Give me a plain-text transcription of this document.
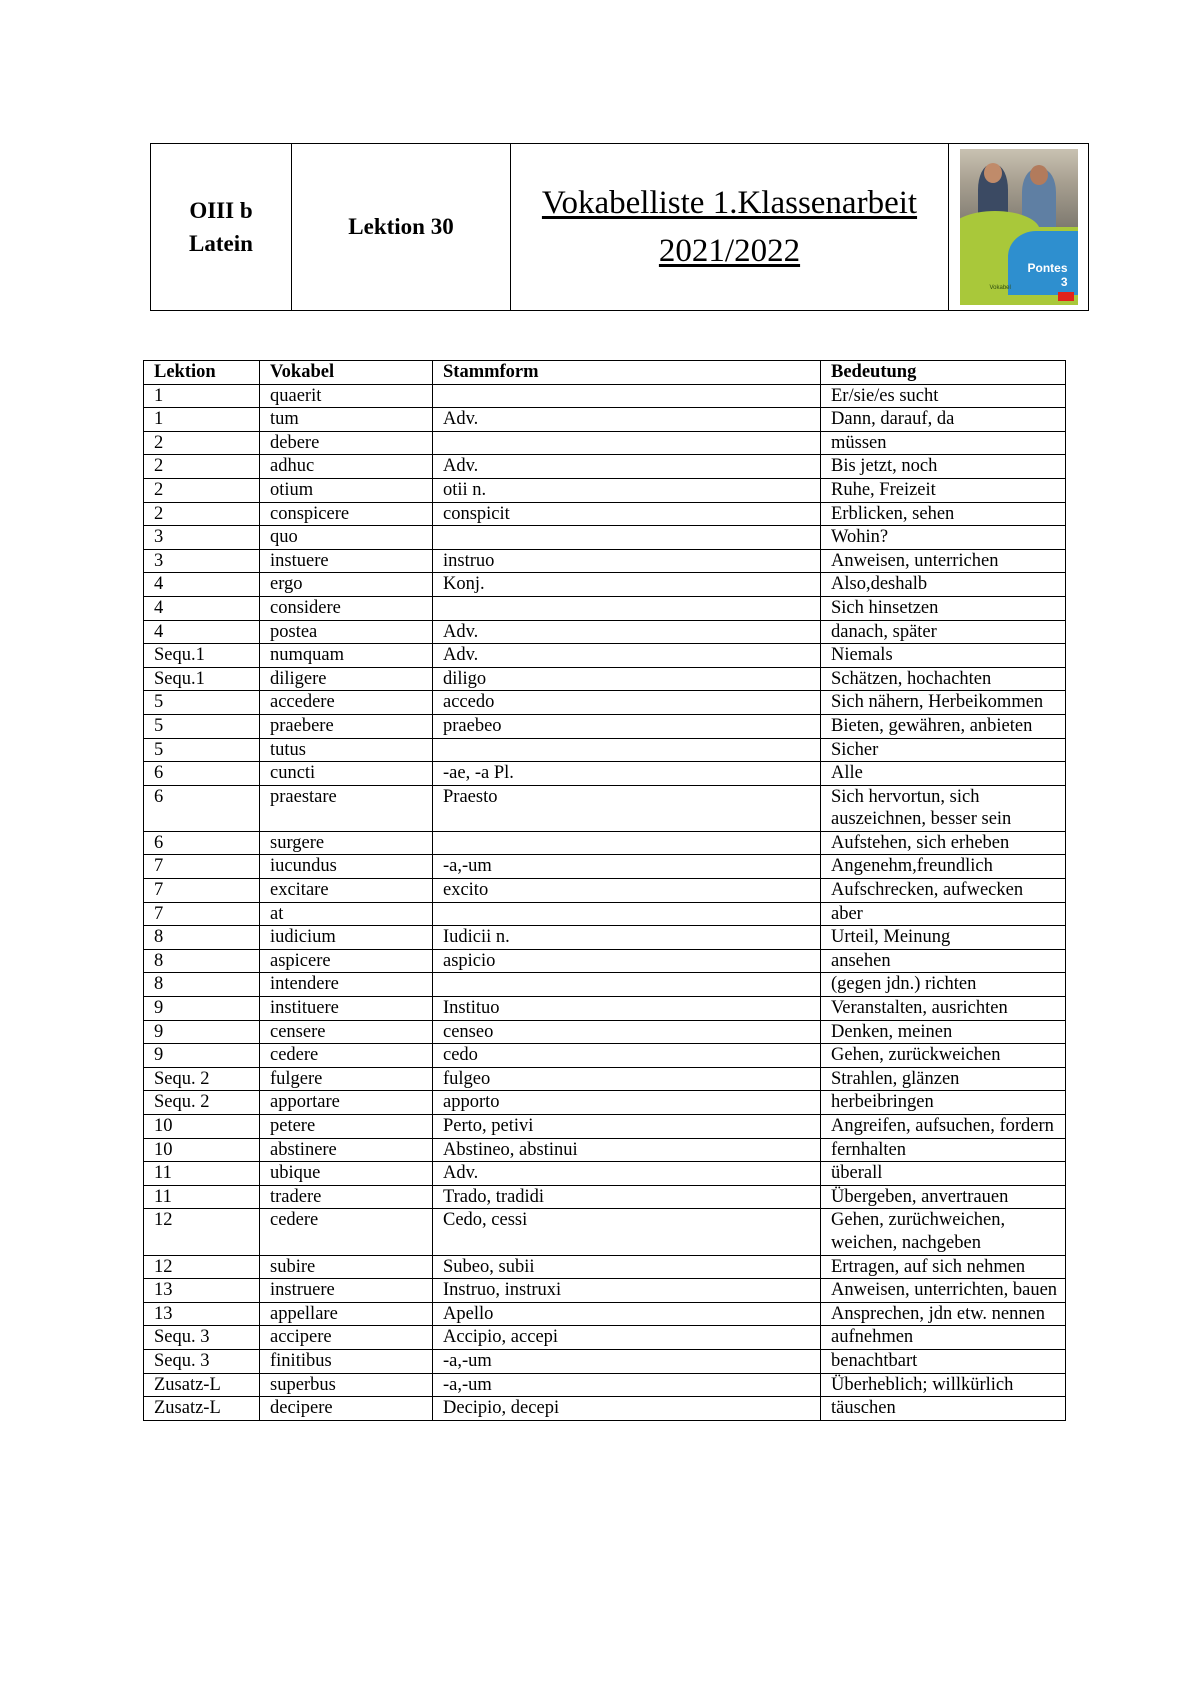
OIII b
Latein
	Lektion 30	
Vokabelliste 1.Klassenarbeit
2021/2022	Pontes
3
Vokabel
Lektion	Vokabel	Stammform	Bedeutung
1	quaerit		Er/sie/es sucht
1	tum	Adv.	Dann, darauf, da
2	debere		müssen
2	adhuc	Adv.	Bis jetzt, noch
2	otium	otii n.	Ruhe, Freizeit
2	conspicere	conspicit	Erblicken, sehen
3	quo		Wohin?
3	instuere	instruo	Anweisen, unterrichen
4	ergo	Konj.	Also,deshalb
4	considere		Sich hinsetzen
4	postea	Adv.	danach, später
Sequ.1	numquam	Adv.	Niemals
Sequ.1	diligere	diligo	Schätzen, hochachten
5	accedere	accedo	Sich nähern, Herbeikommen
5	praebere	praebeo	Bieten, gewähren, anbieten
5	tutus		Sicher
6	cuncti	-ae, -a Pl.	Alle
6	praestare	Praesto	Sich hervortun, sich auszeichnen, besser sein
6	surgere		Aufstehen, sich erheben
7	iucundus	-a,-um	Angenehm,freundlich
7	excitare	excito	Aufschrecken, aufwecken
7	at		aber
8	iudicium	Iudicii n.	Urteil, Meinung
8	aspicere	aspicio	ansehen
8	intendere		(gegen jdn.) richten
9	instituere	Instituo	Veranstalten, ausrichten
9	censere	censeo	Denken, meinen
9	cedere	cedo	Gehen, zurückweichen
Sequ. 2	fulgere	fulgeo	Strahlen, glänzen
Sequ. 2	apportare	apporto	herbeibringen
10	petere	Perto, petivi	Angreifen, aufsuchen, fordern
10	abstinere	Abstineo, abstinui	fernhalten
11	ubique	Adv.	überall
11	tradere	Trado, tradidi	Übergeben, anvertrauen
12	cedere	Cedo, cessi	Gehen, zurüchweichen, weichen, nachgeben
12	subire	Subeo, subii	Ertragen, auf sich nehmen
13	instruere	Instruo, instruxi	Anweisen, unterrichten, bauen
13	appellare	Apello	Ansprechen, jdn etw. nennen
Sequ. 3	accipere	Accipio, accepi	aufnehmen
Sequ. 3	finitibus	-a,-um	benachtbart
Zusatz-L	superbus	-a,-um	Überheblich; willkürlich
Zusatz-L	decipere	Decipio, decepi	täuschen
